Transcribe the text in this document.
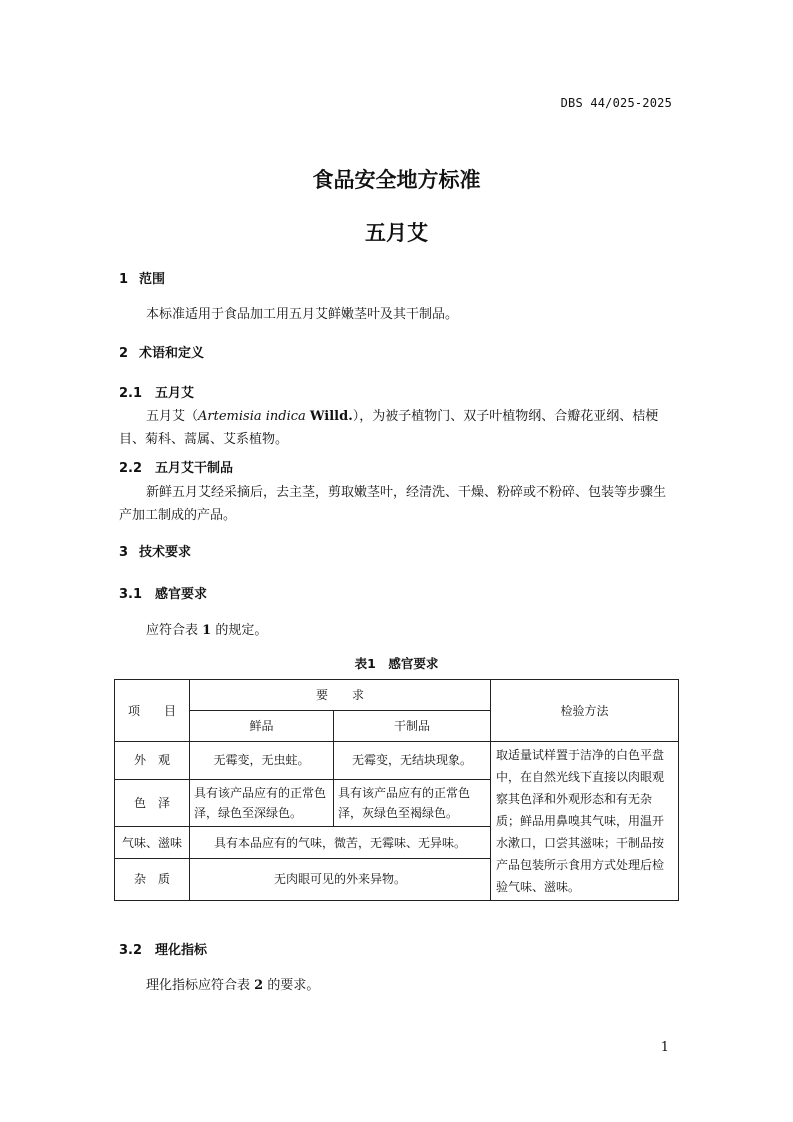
DBS 44/025-2025
食品安全地方标准
五月艾
1 范围
本标准适用于食品加工用五月艾鲜嫩茎叶及其干制品。
2 术语和定义
2.1 五月艾
五月艾（Artemisia indica Willd.），为被子植物门、双子叶植物纲、合瓣花亚纲、桔梗目、菊科、蒿属、艾系植物。
2.2 五月艾干制品
新鲜五月艾经采摘后，去主茎，剪取嫩茎叶，经清洗、干燥、粉碎或不粉碎、包装等步骤生产加工制成的产品。
3 技术要求
3.1 感官要求
应符合表 1 的规定。
表1　感官要求
项　　目	要　　求		检验方法
	鲜品	干制品	
外　观	无霉变，无虫蛀。	无霉变，无结块现象。	取适量试样置于洁净的白色平盘中，在自然光线下直接以肉眼观察其色泽和外观形态和有无杂质；鲜品用鼻嗅其气味，用温开水漱口，口尝其滋味；干制品按产品包装所示食用方式处理后检验气味、滋味。
色　泽	具有该产品应有的正常色泽，绿色至深绿色。	具有该产品应有的正常色泽，灰绿色至褐绿色。	
气味、滋味	具有本品应有的气味，微苦，无霉味、无异味。		
杂　质	无肉眼可见的外来异物。		
3.2 理化指标
理化指标应符合表 2 的要求。
1
